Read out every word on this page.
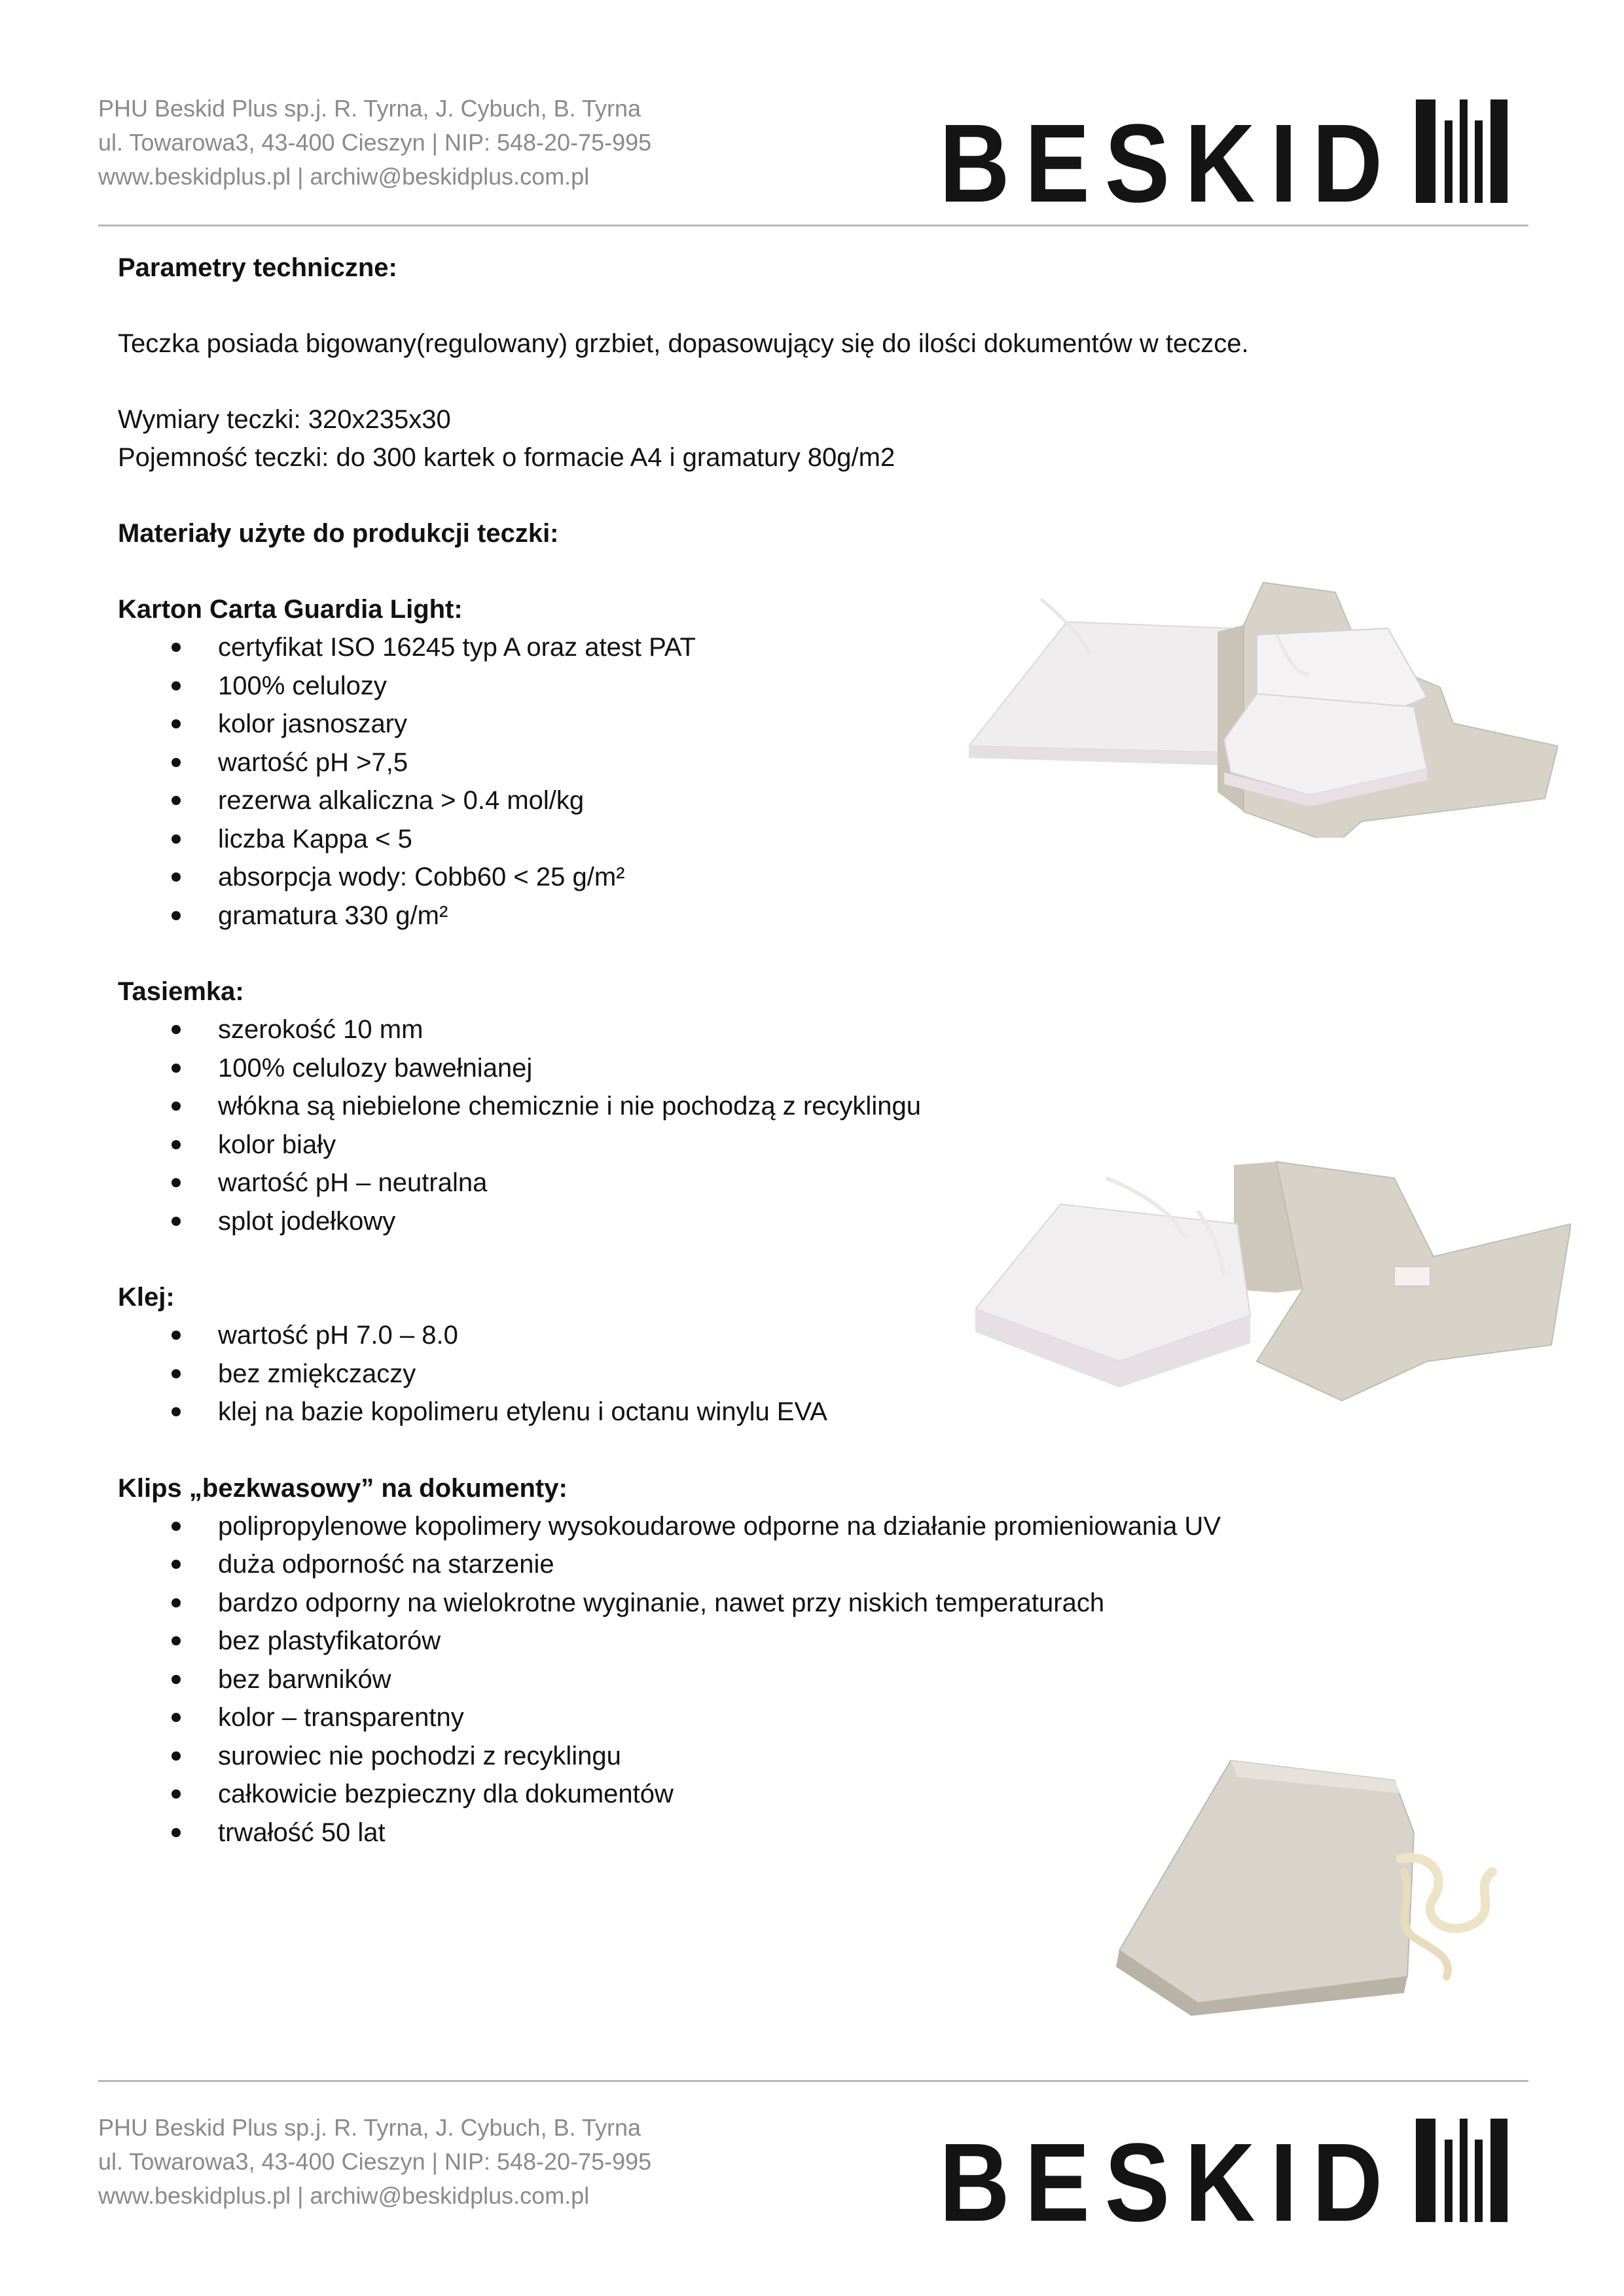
PHU Beskid Plus sp.j. R. Tyrna, J. Cybuch, B. Tyrna
ul. Towarowa3, 43-400 Cieszyn | NIP: 548-20-75-995
www.beskidplus.pl | archiw@beskidplus.com.pl	BESKID

Parametry techniczne:

Teczka posiada bigowany(regulowany) grzbiet, dopasowujący się do ilości dokumentów w teczce.

Wymiary teczki: 320x235x30

Pojemność teczki: do 300 kartek o formacie A4 i gramatury 80g/m2

Materiały użyte do produkcji teczki:

Karton Carta Guardia Light:

certyfikat ISO 16245 typ A oraz atest PAT
100% celulozy
kolor jasnoszary
wartość pH >7,5
rezerwa alkaliczna > 0.4 mol/kg
liczba Kappa < 5
absorpcja wody: Cobb60 < 25 g/m²
gramatura 330 g/m²

Tasiemka:

szerokość 10 mm
100% celulozy bawełnianej
włókna są niebielone chemicznie i nie pochodzą z recyklingu
kolor biały
wartość pH – neutralna
splot jodełkowy

Klej:

wartość pH 7.0 – 8.0
bez zmiękczaczy
klej na bazie kopolimeru etylenu i octanu winylu EVA

Klips „bezkwasowy” na dokumenty:

polipropylenowe kopolimery wysokoudarowe odporne na działanie promieniowania UV
duża odporność na starzenie
bardzo odporny na wielokrotne wyginanie, nawet przy niskich temperaturach
bez plastyfikatorów
bez barwników
kolor – transparentny
surowiec nie pochodzi z recyklingu
całkowicie bezpieczny dla dokumentów
trwałość 50 lat
PHU Beskid Plus sp.j. R. Tyrna, J. Cybuch, B. Tyrna
ul. Towarowa3, 43-400 Cieszyn | NIP: 548-20-75-995
www.beskidplus.pl | archiw@beskidplus.com.pl	BESKID
